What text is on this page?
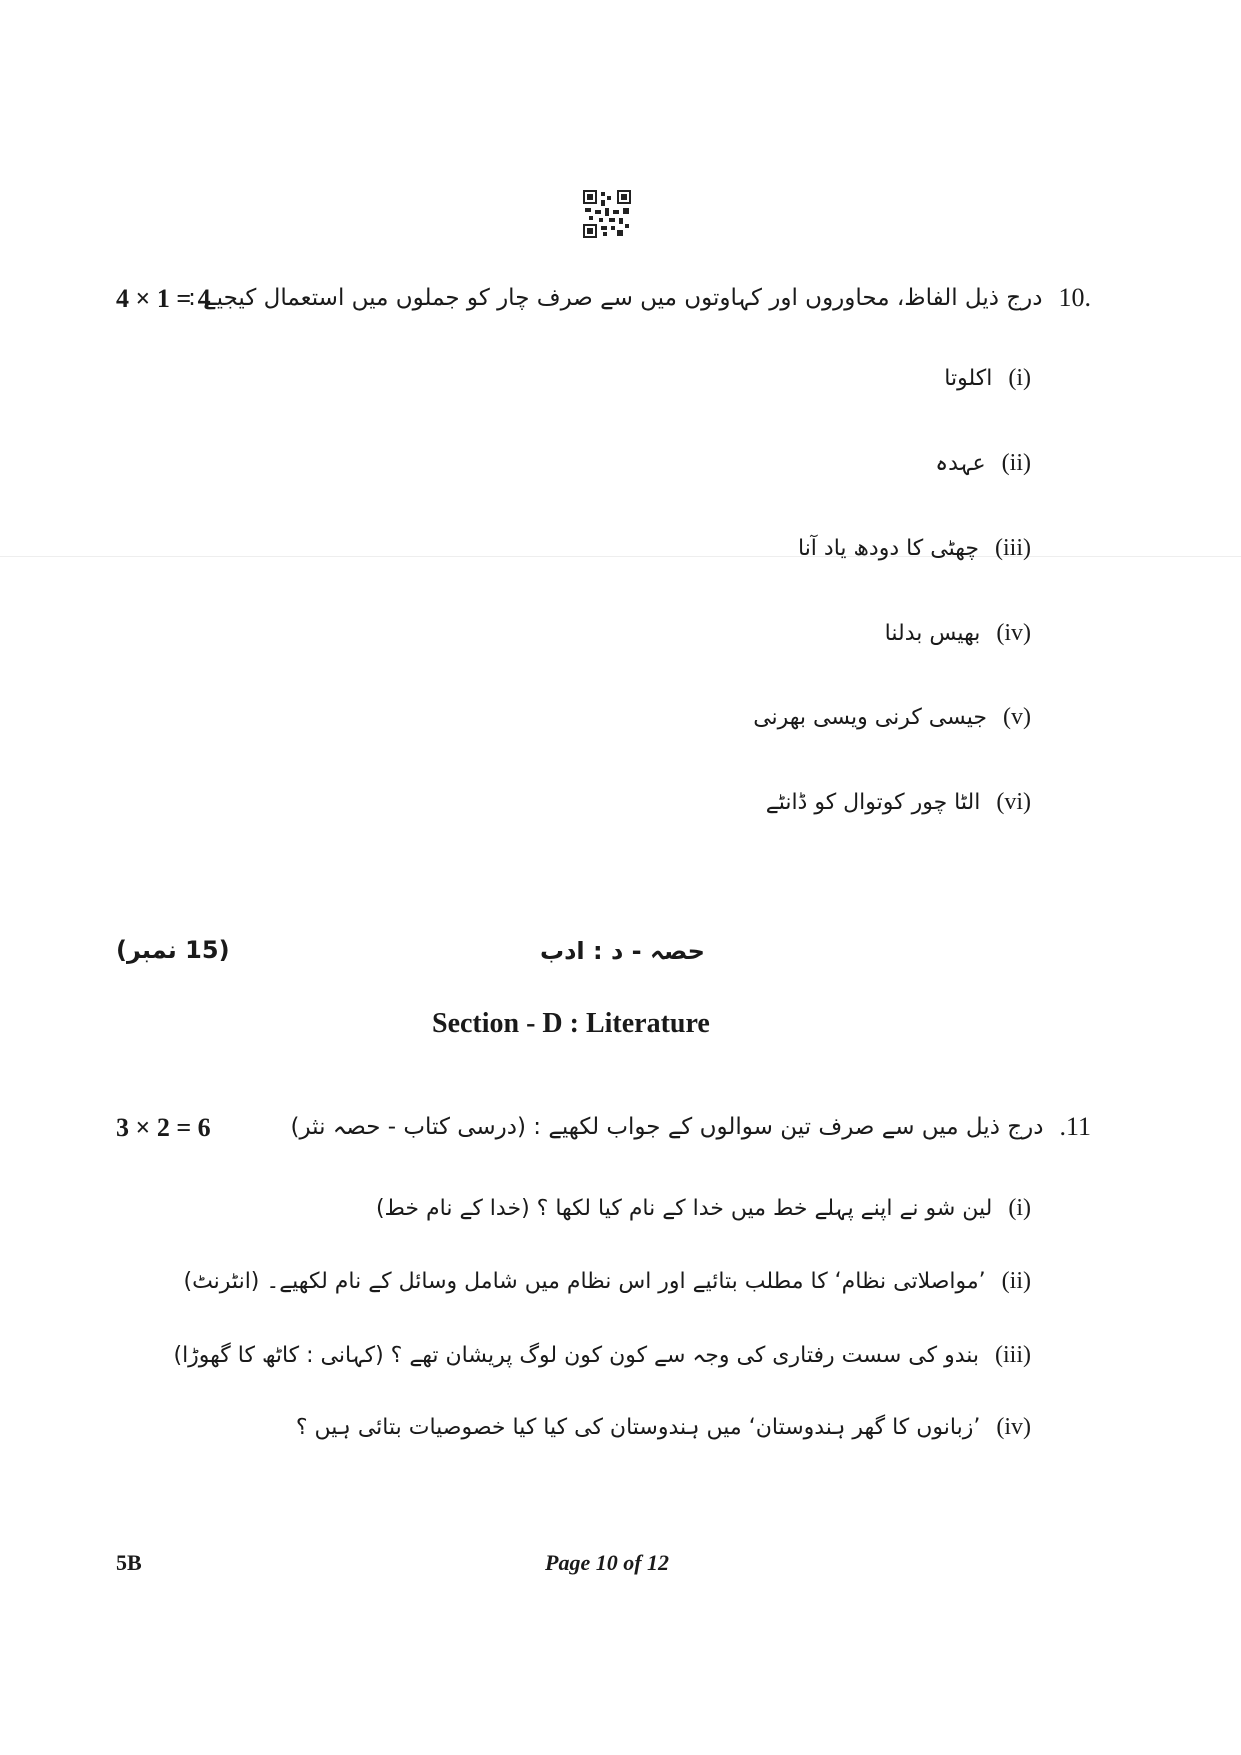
4 × 1 = 4	10.
درج ذیل الفاظ، محاوروں اور کہاوتوں میں سے صرف چار کو جملوں میں استعمال کیجیے :
(i)
اکلوتا
(ii)
عہدہ
(iii)
چھٹی کا دودھ یاد آنا
(iv)
بھیس بدلنا
(v)
جیسی کرنی ویسی بھرنی
(vi)
الٹا چور کوتوال کو ڈانٹے
(15 نمبر)	حصہ - د : ادب
Section - D : Literature
3 × 2 = 6	.11
درج ذیل میں سے صرف تین سوالوں کے جواب لکھیے : (درسی کتاب - حصہ نثر)
(i)
لین شو نے اپنے پہلے خط میں خدا کے نام کیا لکھا ؟ (خدا کے نام خط)
(ii)
’مواصلاتی نظام‘ کا مطلب بتائیے اور اس نظام میں شامل وسائل کے نام لکھیے۔ (انٹرنٹ)
(iii)
بندو کی سست رفتاری کی وجہ سے کون کون لوگ پریشان تھے ؟ (کہانی : کاٹھ کا گھوڑا)
(iv)
’زبانوں کا گھر ہندوستان‘ میں ہندوستان کی کیا کیا خصوصیات بتائی ہیں ؟
5B	Page 10 of 12
